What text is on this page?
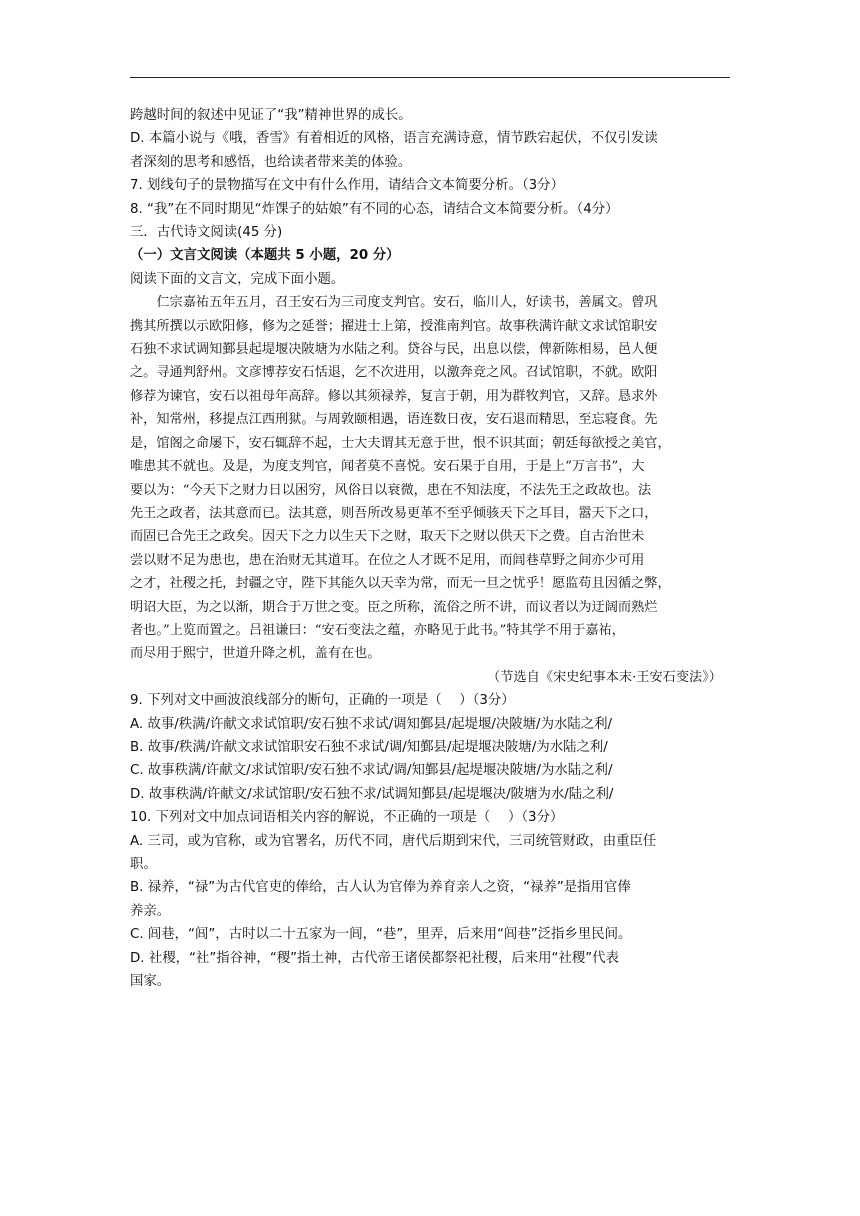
跨越时间的叙述中见证了“我”精神世界的成长。
D. 本篇小说与《哦，香雪》有着相近的风格，语言充满诗意，情节跌宕起伏，不仅引发读
者深刻的思考和感悟，也给读者带来美的体验。
7. 划线句子的景物描写在文中有什么作用，请结合文本简要分析。（3分）
8. “我”在不同时期见“炸馃子的姑娘”有不同的心态，请结合文本简要分析。（4分）
三．古代诗文阅读(45 分)
（一）文言文阅读（本题共 5 小题，20 分）
阅读下面的文言文，完成下面小题。
　　仁宗嘉祐五年五月，召王安石为三司度支判官。安石，临川人，好读书，善属文。曾巩
携其所撰以示欧阳修，修为之延誉；擢进士上第，授淮南判官。故事秩满许献文求试馆职安
石独不求试调知鄞县起堤堰决陂塘为水陆之利。贷谷与民，出息以偿，俾新陈相易，邑人便
之。寻通判舒州。文彦博荐安石恬退，乞不次进用，以激奔竞之风。召试馆职，不就。欧阳
修荐为谏官，安石以祖母年高辞。修以其须禄养，复言于朝，用为群牧判官，又辞。恳求外
补，知常州，移提点江西刑狱。与周敦颐相遇，语连数日夜，安石退而精思，至忘寝食。先
是，馆阁之命屡下，安石辄辞不起，士大夫谓其无意于世，恨不识其面；朝廷每欲授之美官，
唯患其不就也。及是，为度支判官，闻者莫不喜悦。安石果于自用，于是上“万言书”，大
要以为：“今天下之财力日以困穷，风俗日以衰微，患在不知法度，不法先王之政故也。法
先王之政者，法其意而已。法其意，则吾所改易更革不至乎倾骇天下之耳目，嚣天下之口，
而固已合先王之政矣。因天下之力以生天下之财，取天下之财以供天下之费。自古治世未
尝以财不足为患也，患在治财无其道耳。在位之人才既不足用，而闾巷草野之间亦少可用
之才，社稷之托，封疆之守，陛下其能久以天幸为常，而无一旦之忧乎！愿监苟且因循之弊，
明诏大臣，为之以渐，期合于万世之变。臣之所称，流俗之所不讲，而议者以为迂阔而熟烂
者也。”上览而置之。吕祖谦曰：“安石变法之蕴，亦略见于此书。”特其学不用于嘉祐，
而尽用于熙宁，世道升降之机，盖有在也。
（节选自《宋史纪事本末·王安石变法》）
9. 下列对文中画波浪线部分的断句，正确的一项是（　 ）（3分）
A. 故事/秩满/许献文求试馆职/安石独不求试/调知鄞县/起堤堰/决陂塘/为水陆之利/
B. 故事/秩满/许献文求试馆职安石独不求试/调/知鄞县/起堤堰决陂塘/为水陆之利/
C. 故事秩满/许献文/求试馆职/安石独不求试/调/知鄞县/起堤堰决陂塘/为水陆之利/
D. 故事秩满/许献文/求试馆职/安石独不求/试调知鄞县/起堤堰决/陂塘为水/陆之利/
10. 下列对文中加点词语相关内容的解说，不正确的一项是（　 ）（3分）
A. 三司，或为官称，或为官署名，历代不同，唐代后期到宋代，三司统管财政，由重臣任
职。
B. 禄养，“禄”为古代官吏的俸给，古人认为官俸为养育亲人之资，“禄养”是指用官俸
养亲。
C. 闾巷，“闾”，古时以二十五家为一闾，“巷”，里弄，后来用“闾巷”泛指乡里民间。
D. 社稷，“社”指谷神，“稷”指土神，古代帝王诸侯都祭祀社稷，后来用“社稷”代表
国家。
